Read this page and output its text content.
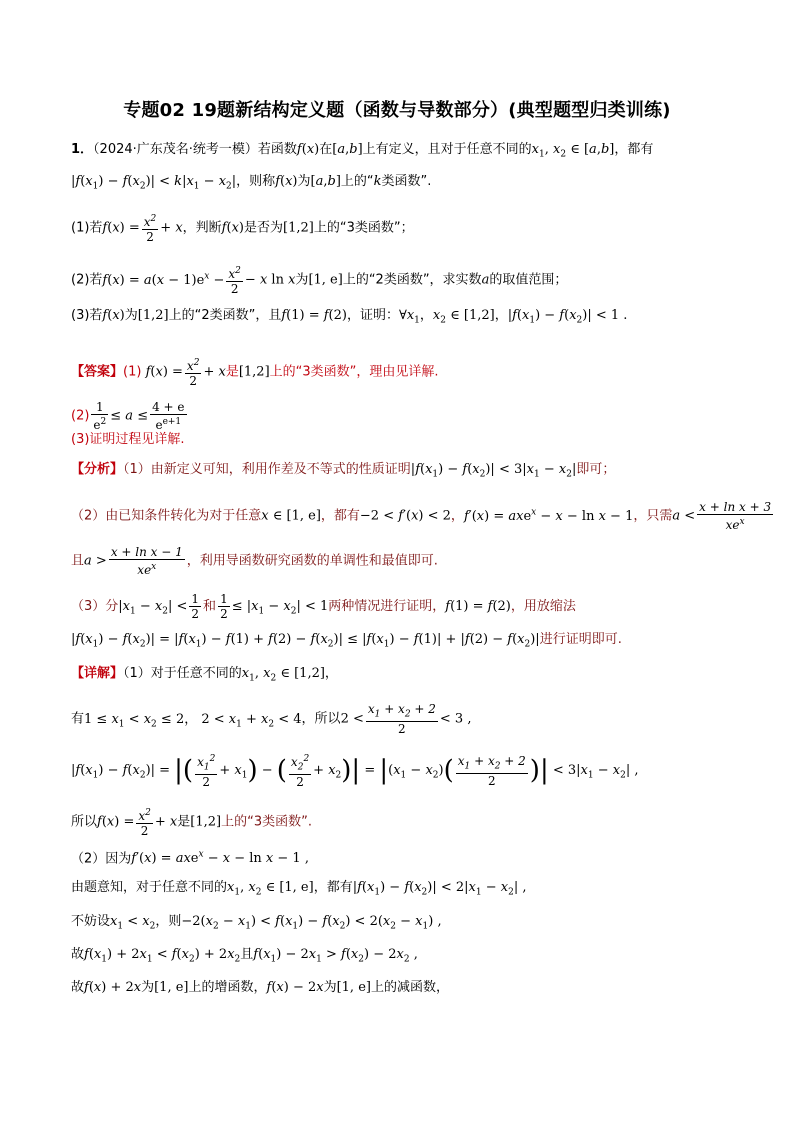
专题02 19题新结构定义题（函数与导数部分）(典型题型归类训练)
1．（2024·广东茂名·统考一模）若函数f(x)在[a,b]上有定义，且对于任意不同的$x_1$, $x_2$ ∈ [a,b]，都有
$|f(x_1) - f(x_2)| < k|x_1 - x_2|$，则称f(x)为[a,b]上的“k类函数”.
(1)若$f(x) = \frac{x^2}{2} + x$，判断f(x)是否为[1,2]上的“3类函数”；
(2)若$f(x) = a(x - 1)e^x - \frac{x^2}{2} - x$ ln x为[1, e]上的“2类函数”，求实数a的取值范围；
(3)若f(x)为[1,2]上的“2类函数”，且f(1) = f(2)，证明：$\forall x_1$，$x_2$ ∈ [1,2]，$|f(x_1) - f(x_2)| < 1$ .
【答案】(1) $f(x) = \frac{x^2}{2} + x$是[1,2]上的“3类函数”，理由见详解.
$(2) \frac{1}{e^2} \le a \le \frac{4 + e}{e^{e+1}}$
(3)证明过程见详解.
【分析】（1）由新定义可知，利用作差及不等式的性质证明$|f(x_1) - f(x_2)| < 3|x_1 - x_2|$即可；
（2）由已知条件转化为对于任意x ∈ [1, e]，都有−2 < f′(x) < 2，f′(x) = axe$^x$ − x − ln x − 1，只需$a < \frac{\text{x + ln x + 3}}{xe^x}$
且$a > \frac{\text{x + ln x − 1}}{xe^x}$ ，利用导函数研究函数的单调性和最值即可.
（3）分$|x_1 - x_2| < \frac{1}{2}$ 和 $\frac{1}{2} \le |x_1 - x_2| < 1$两种情况进行证明，f(1) = f(2)，用放缩法
$|f(x_1) - f(x_2)| = |f(x_1) - f(1) + f(2) - f(x_2)| \le |f(x_1) - f(1)| + |f(2) - f(x_2)|$进行证明即可.
【详解】（1）对于任意不同的$x_1$, $x_2$ ∈ [1,2]，
有$1 \le x_1 < x_2 \le 2$， $2 < x_1 + x_2 < 4$，所以$2 < \frac{x_1 + x_2 + 2}{2} < 3$ ,
$|f(x_1) - f(x_2)|$ = |( $\frac{x_1^2}{2} + x_1$) − ( $\frac{x_2^2}{2} + x_2)| = |(x_1 - x_2)( \frac{x_1 + x_2 + 2}{2}$ )| < $3|x_1 - x_2|$ ,
所以$f(x) = \frac{x^2}{2} + x$是[1,2]上的“3类函数”.
（2）因为f′(x) = axe$^x$ − x − ln x − 1 ,
由题意知，对于任意不同的$x_1$, $x_2$ ∈ [1, e]，都有$|f(x_1) - f(x_2)| < 2|x_1 - x_2|$ ,
不妨设$x_1 < x_2$，则$-2(x_2 - x_1) < f(x_1) - f(x_2) < 2(x_2 - x_1)$ ,
故$f(x_1) + 2x_1 < f(x_2) + 2x_2$且$f(x_1) - 2x_1 > f(x_2) - 2x_2$ ,
故f(x) + 2x为[1, e]上的增函数，f(x) − 2x为[1, e]上的减函数，
